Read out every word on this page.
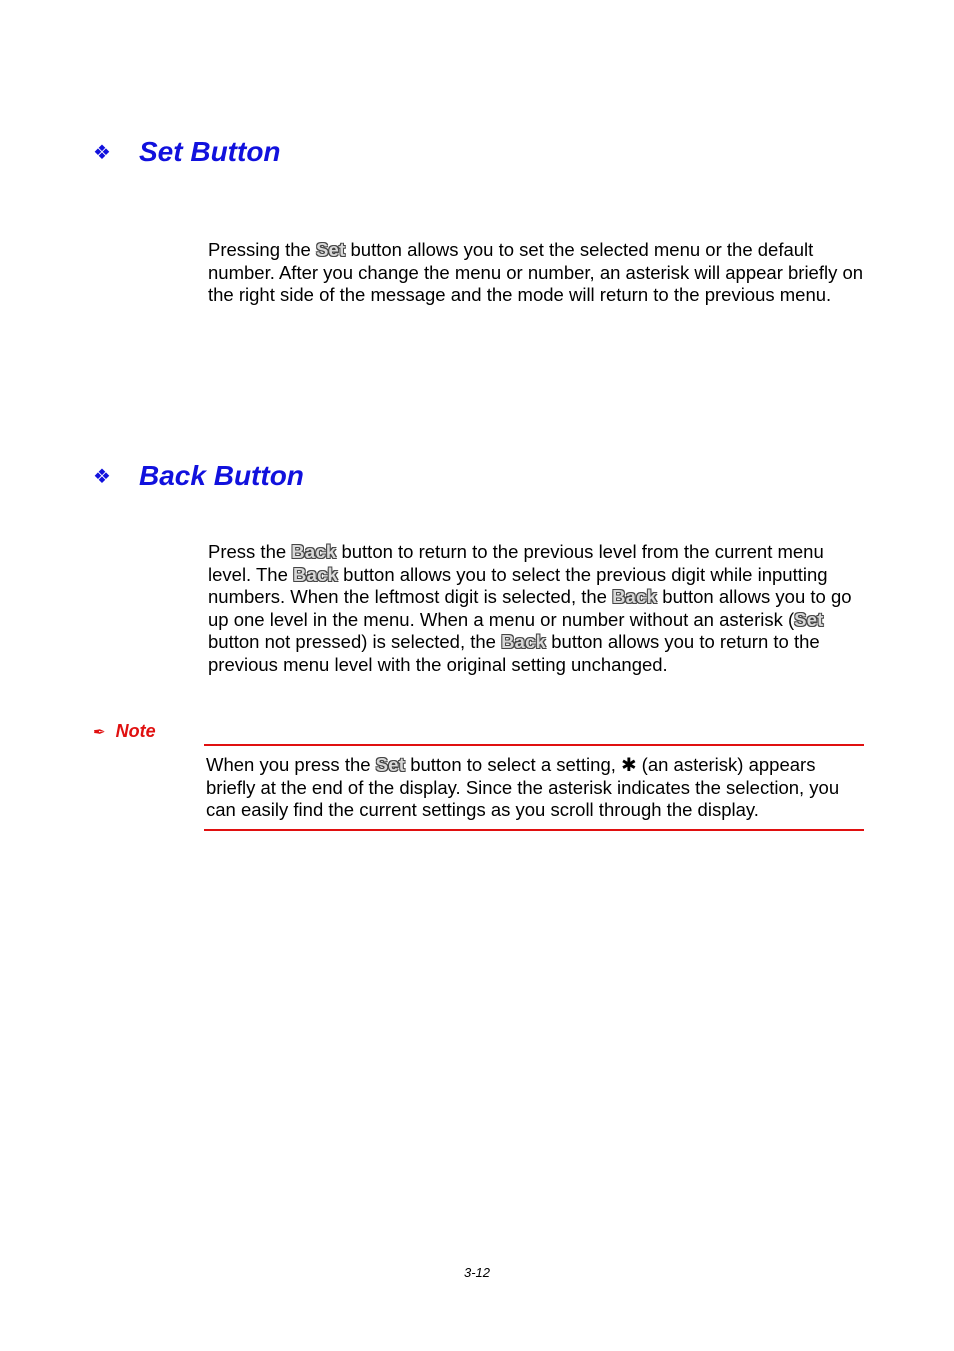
❖ Set Button

Pressing the Set button allows you to set the selected menu or the default number. After you change the menu or number, an asterisk will appear briefly on the right side of the message and the mode will return to the previous menu.

❖ Back Button

Press the Back button to return to the previous level from the current menu level. The Back button allows you to select the previous digit while inputting numbers. When the leftmost digit is selected, the Back button allows you to go up one level in the menu. When a menu or number without an asterisk (Set button not pressed) is selected, the Back button allows you to return to the previous menu level with the original setting unchanged.

✒ Note

When you press the Set button to select a setting, ✱ (an asterisk) appears briefly at the end of the display. Since the asterisk indicates the selection, you can easily find the current settings as you scroll through the display.

3-12
